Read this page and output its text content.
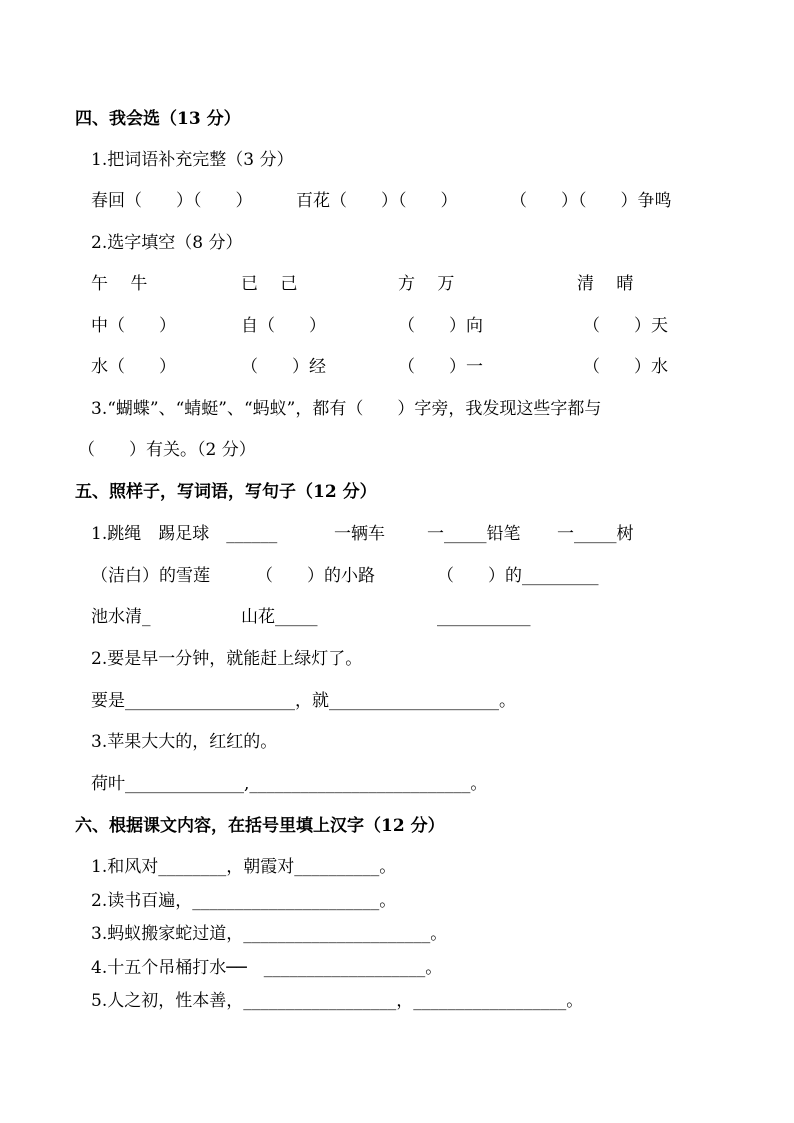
四、我会选（13 分）
1.把词语补充完整（3 分）
春回（　　）（　　）	百花（　　）（　　）	（　　）（　　）争鸣
2.选字填空（8 分）
午　 牛	已　 己	方　 万	清　 晴
中（　　）	自（　　）	（　　）向	（　　）天
水（　　）	（　　）经	（　　）一	（　　）水
3.“蝴蝶”、“蜻蜓”、“蚂蚁”，都有（　　）字旁，我发现这些字都与
（　　）有关。（2 分）
五、照样子，写词语，写句子（12 分）
1.跳绳　踢足球　______	一辆车 一_____铅笔 一_____树
（洁白）的雪莲	（　　）的小路	（　　）的_________
池水清_	山花_____	___________
2.要是早一分钟，就能赶上绿灯了。
要是____________________，就____________________。
3.苹果大大的，红红的。
荷叶______________,__________________________。
六、根据课文内容，在括号里填上汉字（12 分）
1.和风对________，朝霞对__________。
2.读书百遍，______________________。
3.蚂蚁搬家蛇过道，______________________。
4.十五个吊桶打水──　___________________。
5.人之初，性本善，__________________，__________________。
